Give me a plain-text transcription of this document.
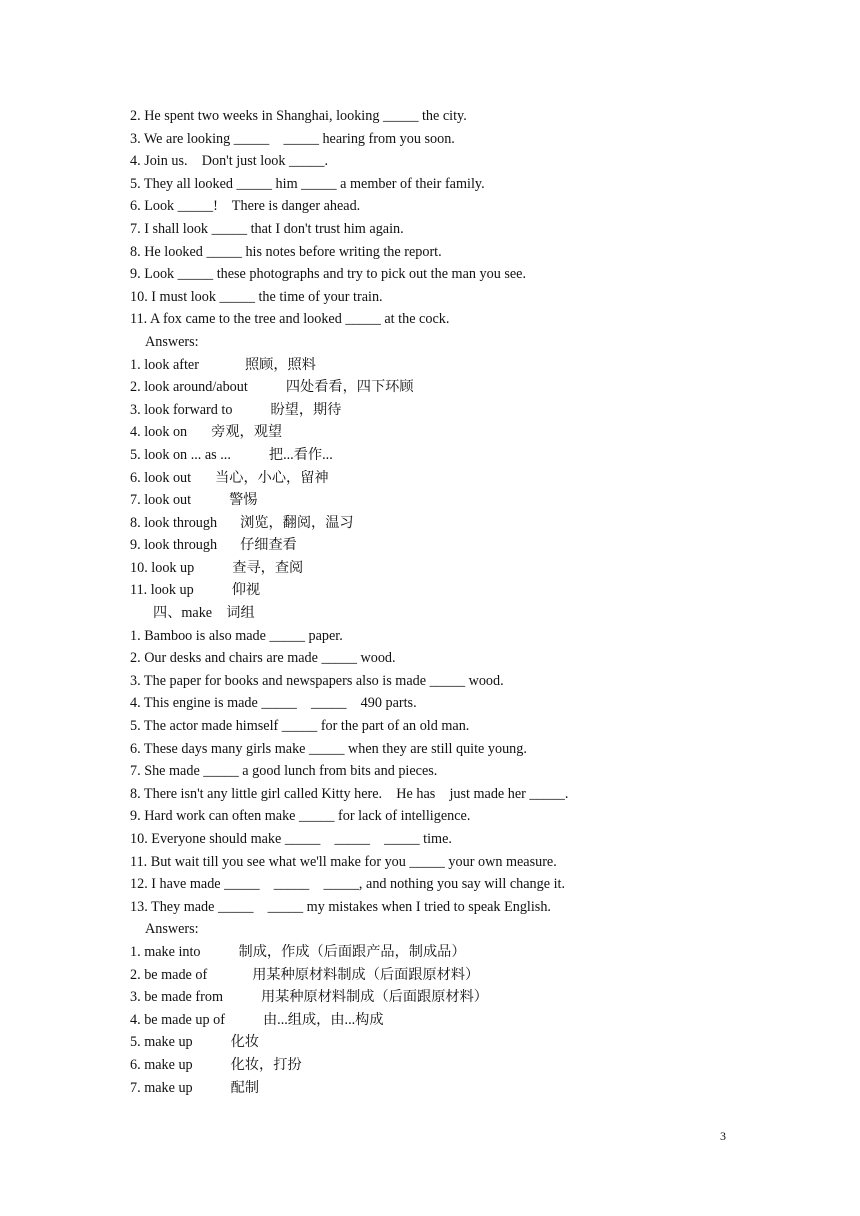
2. He spent two weeks in Shanghai, looking _____ the city.
3. We are looking _____    _____ hearing from you soon.
4. Join us.    Don't just look _____.
5. They all looked _____ him _____ a member of their family.
6. Look _____!    There is danger ahead.
7. I shall look _____ that I don't trust him again.
8. He looked _____ his notes before writing the report.
9. Look _____ these photographs and try to pick out the man you see.
10. I must look _____ the time of your train.
11. A fox came to the tree and looked _____ at the cock.
Answers:
1. look after	照顾，照料
2. look around/about	四处看看，四下环顾
3. look forward to	盼望，期待
4. look on 旁观，观望
5. look on ... as ...	把...看作...
6. look out 当心，小心，留神
7. look out	警惕
8. look through 浏览，翻阅，温习
9. look through 仔细查看
10. look up	查寻，查阅
11. look up	仰视
四、make    词组
1. Bamboo is also made _____ paper.
2. Our desks and chairs are made _____ wood.
3. The paper for books and newspapers also is made _____ wood.
4. This engine is made _____    _____    490 parts.
5. The actor made himself _____ for the part of an old man.
6. These days many girls make _____ when they are still quite young.
7. She made _____ a good lunch from bits and pieces.
8. There isn't any little girl called Kitty here.    He has    just made her _____.
9. Hard work can often make _____ for lack of intelligence.
10. Everyone should make _____    _____    _____ time.
11. But wait till you see what we'll make for you _____ your own measure.
12. I have made _____    _____    _____, and nothing you say will change it.
13. They made _____    _____ my mistakes when I tried to speak English.
Answers:
1. make into	制成，作成（后面跟产品，制成品）
2. be made of	用某种原材料制成（后面跟原材料）
3. be made from	用某种原材料制成（后面跟原材料）
4. be made up of	由...组成，由...构成
5. make up	化妆
6. make up	化妆，打扮
7. make up	配制
3
